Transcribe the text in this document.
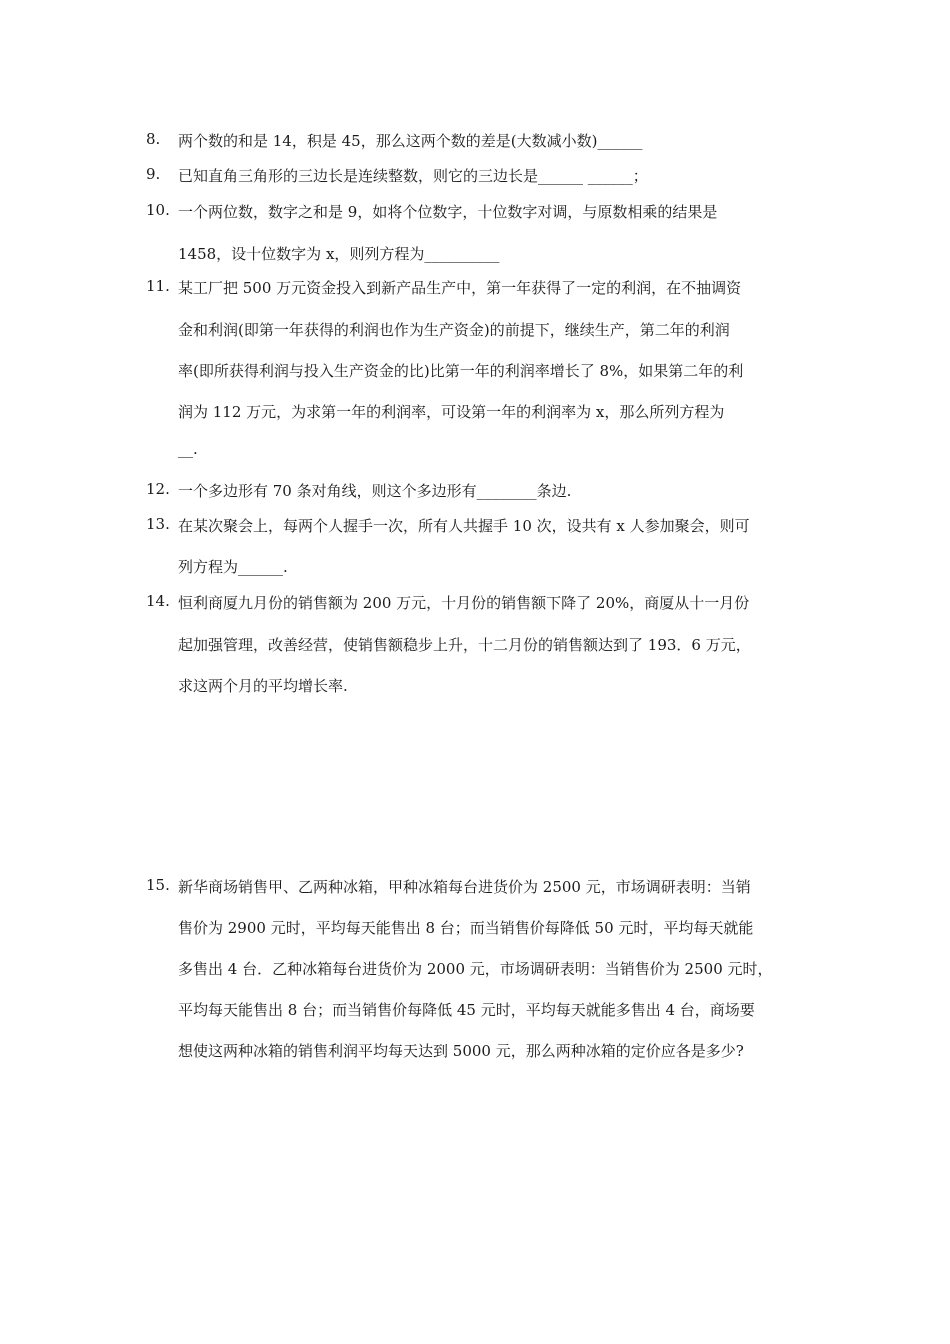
8. 两个数的和是 14，积是 45，那么这两个数的差是(大数减小数)______
9. 已知直角三角形的三边长是连续整数，则它的三边长是______ ______；
10. 一个两位数，数字之和是 9，如将个位数字，十位数字对调，与原数相乘的结果是
1458，设十位数字为 x，则列方程为__________
11. 某工厂把 500 万元资金投入到新产品生产中，第一年获得了一定的利润，在不抽调资
金和利润(即第一年获得的利润也作为生产资金)的前提下，继续生产，第二年的利润
率(即所获得利润与投入生产资金的比)比第一年的利润率增长了 8%，如果第二年的利
润为 112 万元，为求第一年的利润率，可设第一年的利润率为 x，那么所列方程为
__.
12. 一个多边形有 70 条对角线，则这个多边形有________条边.
13. 在某次聚会上，每两个人握手一次，所有人共握手 10 次，设共有 x 人参加聚会，则可
列方程为______.
14. 恒利商厦九月份的销售额为 200 万元，十月份的销售额下降了 20%，商厦从十一月份
起加强管理，改善经营，使销售额稳步上升，十二月份的销售额达到了 193．6 万元，
求这两个月的平均增长率.
15. 新华商场销售甲、乙两种冰箱，甲种冰箱每台进货价为 2500 元，市场调研表明：当销
售价为 2900 元时，平均每天能售出 8 台；而当销售价每降低 50 元时，平均每天就能
多售出 4 台．乙种冰箱每台进货价为 2000 元，市场调研表明：当销售价为 2500 元时，
平均每天能售出 8 台；而当销售价每降低 45 元时，平均每天就能多售出 4 台，商场要
想使这两种冰箱的销售利润平均每天达到 5000 元，那么两种冰箱的定价应各是多少?
